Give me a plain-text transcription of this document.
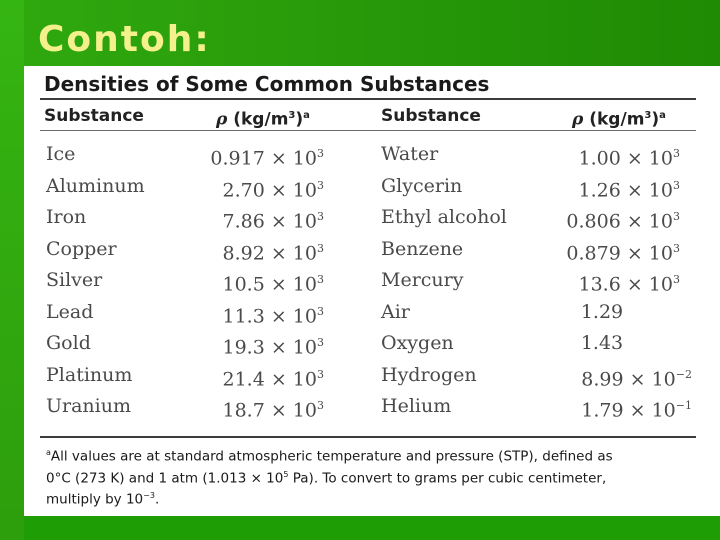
Contoh:
Densities of Some Common Substances
Substance	ρ $(kg/m^3)^a$	Substance	ρ $(kg/m^3)^a$
Ice	$0.917 \times 10^3$	Water	$1.00 \times 10^3$
Aluminum	$2.70 \times 10^3$	Glycerin	$1.26 \times 10^3$
Iron	$7.86 \times 10^3$	Ethyl alcohol	$0.806 \times 10^3$
Copper	$8.92 \times 10^3$	Benzene	$0.879 \times 10^3$
Silver	$10.5 \times 10^3$	Mercury	$13.6 \times 10^3$
Lead	$11.3 \times 10^3$	Air	1.29
Gold	$19.3 \times 10^3$	Oxygen	1.43
Platinum	$21.4 \times 10^3$	Hydrogen	$8.99 \times 10^{-2}$
Uranium	$18.7 \times 10^3$	Helium	$1.79 \times 10^{-1}$
$^a$All values are at standard atmospheric temperature and pressure (STP), defined as
0°C (273 K) and 1 atm ($1.013 \times 10^5$ Pa). To convert to grams per cubic centimeter,
multiply by $10^{-3}$.
